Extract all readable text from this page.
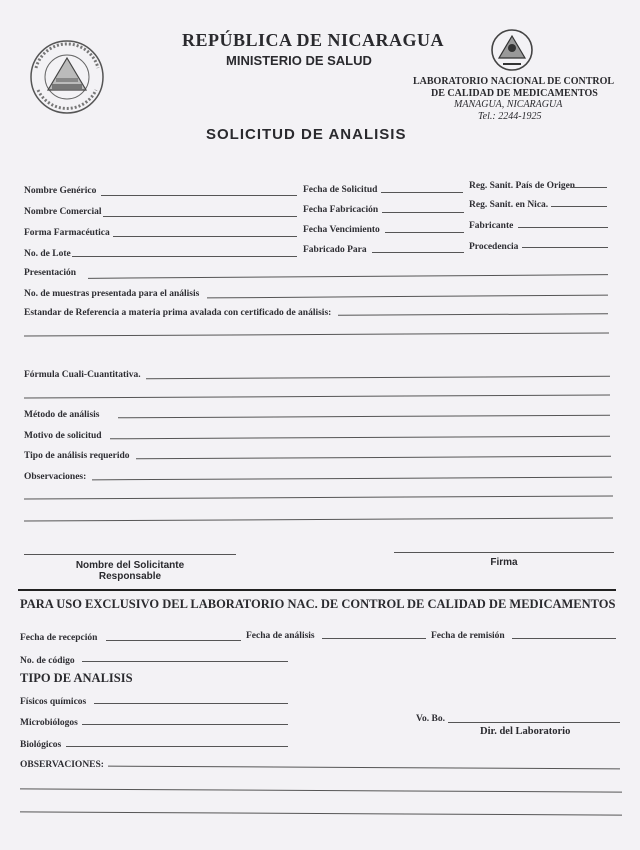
REPÚBLICA DE NICARAGUA
MINISTERIO DE SALUD
LABORATORIO NACIONAL DE CONTROL
DE CALIDAD DE MEDICAMENTOS
MANAGUA, NICARAGUA
Tel.: 2244-1925
SOLICITUD DE ANALISIS
Nombre Genérico	Fecha de Solicitud	Reg. Sanit. País de Origen
Nombre Comercial	Fecha Fabricación	Reg. Sanit. en Nica.
Forma Farmacéutica	Fecha Vencimiento	Fabricante
No. de Lote	Fabricado Para	Procedencia
Presentación
No. de muestras presentada para el análisis
Estandar de Referencia a materia prima avalada con certificado de análisis:
Fórmula Cuali-Cuantitativa.
Método de análisis
Motivo de solicitud
Tipo de análisis requerido
Observaciones:
Nombre del Solicitante
Responsable
Firma
PARA USO EXCLUSIVO DEL LABORATORIO NAC. DE CONTROL DE CALIDAD DE MEDICAMENTOS
Fecha de recepción	Fecha de análisis	Fecha de remisión
No. de código
TIPO DE ANALISIS
Físicos químicos
Microbiólogos	Vo. Bo.
Dir. del Laboratorio
Biológicos
OBSERVACIONES:
